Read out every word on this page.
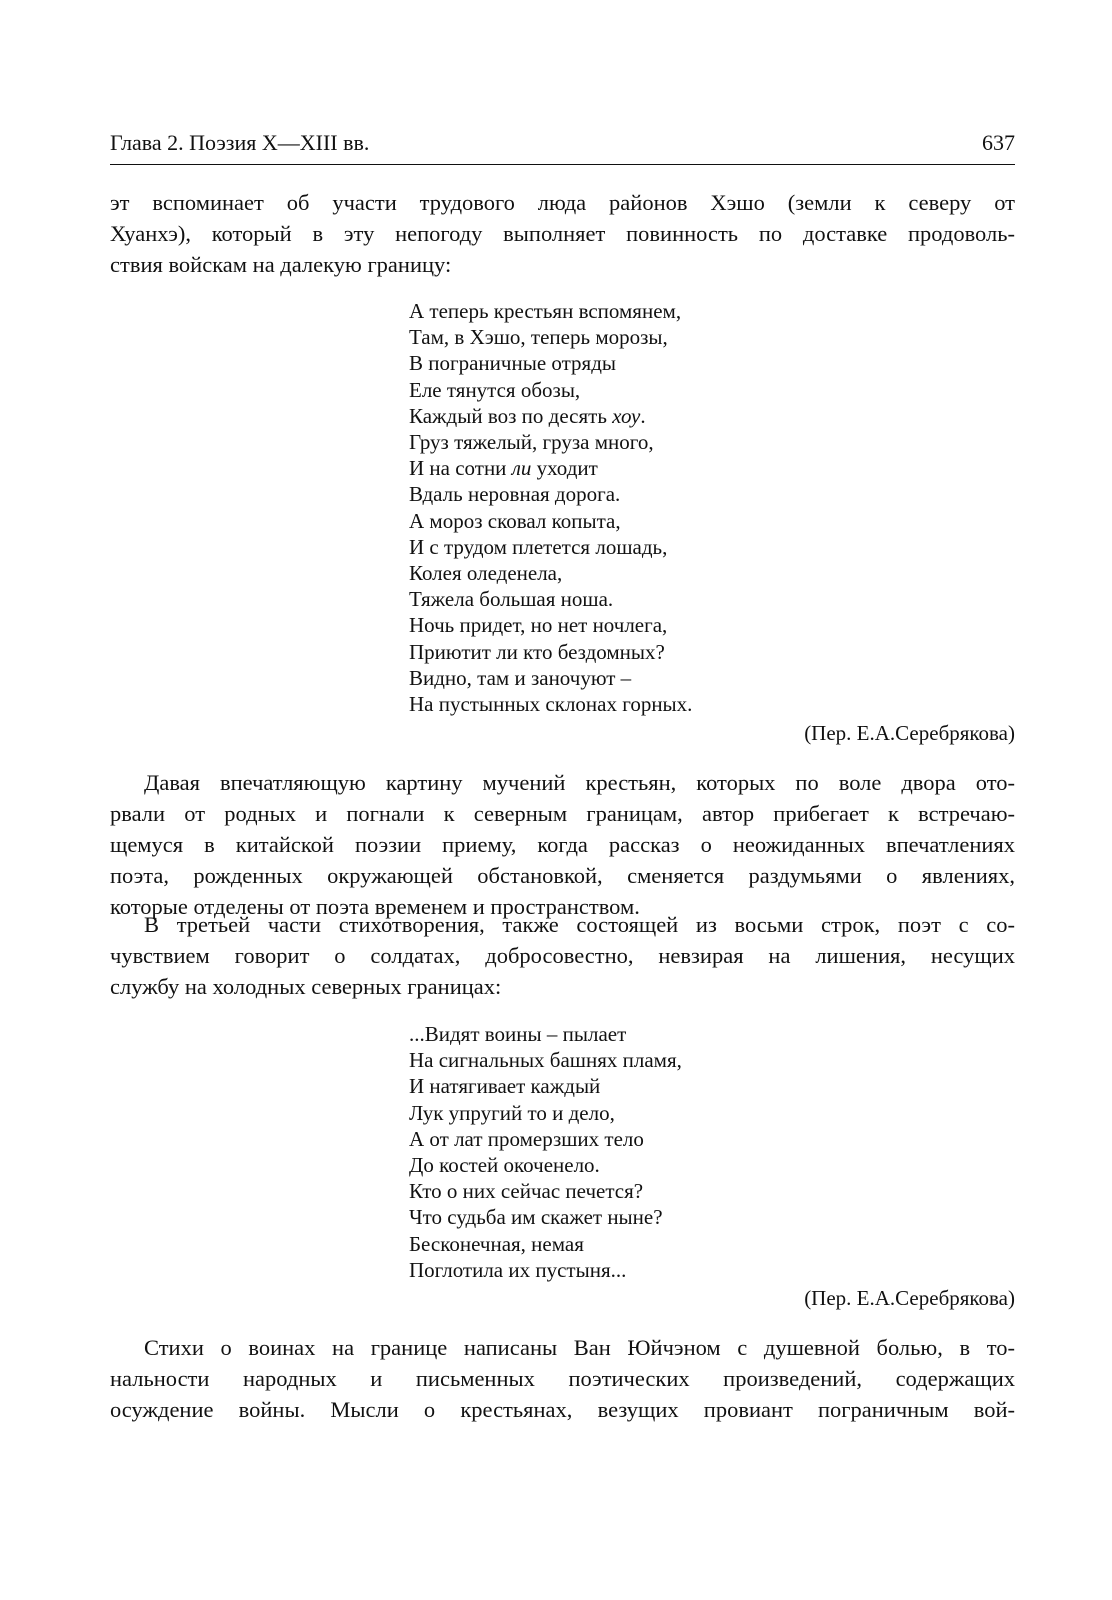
Глава 2. Поэзия X—XIII вв.	637

эт вспоминает об участи трудового люда районов Хэшо (земли к северу от
Хуанхэ), который в эту непогоду выполняет повинность по доставке продоволь-
ствия войскам на далекую границу:

А теперь крестьян вспомянем,
Там, в Хэшо, теперь морозы,
В пограничные отряды
Еле тянутся обозы,
Каждый воз по десять хоу.
Груз тяжелый, груза много,
И на сотни ли уходит
Вдаль неровная дорога.
А мороз сковал копыта,
И с трудом плетется лошадь,
Колея оледенела,
Тяжела большая ноша.
Ночь придет, но нет ночлега,
Приютит ли кто бездомных?
Видно, там и заночуют –
На пустынных склонах горных.
(Пер. Е.А.Серебрякова)

Давая впечатляющую картину мучений крестьян, которых по воле двора ото-
рвали от родных и погнали к северным границам, автор прибегает к встречаю-
щемуся в китайской поэзии приему, когда рассказ о неожиданных впечатлениях
поэта, рожденных окружающей обстановкой, сменяется раздумьями о явлениях,
которые отделены от поэта временем и пространством.

В третьей части стихотворения, также состоящей из восьми строк, поэт с со-
чувствием говорит о солдатах, добросовестно, невзирая на лишения, несущих
службу на холодных северных границах:

...Видят воины – пылает
На сигнальных башнях пламя,
И натягивает каждый
Лук упругий то и дело,
А от лат промерзших тело
До костей окоченело.
Кто о них сейчас печется?
Что судьба им скажет ныне?
Бесконечная, немая
Поглотила их пустыня...
(Пер. Е.А.Серебрякова)

Стихи о воинах на границе написаны Ван Юйчэном с душевной болью, в то-
нальности народных и письменных поэтических произведений, содержащих
осуждение войны. Мысли о крестьянах, везущих провиант пограничным вой-
